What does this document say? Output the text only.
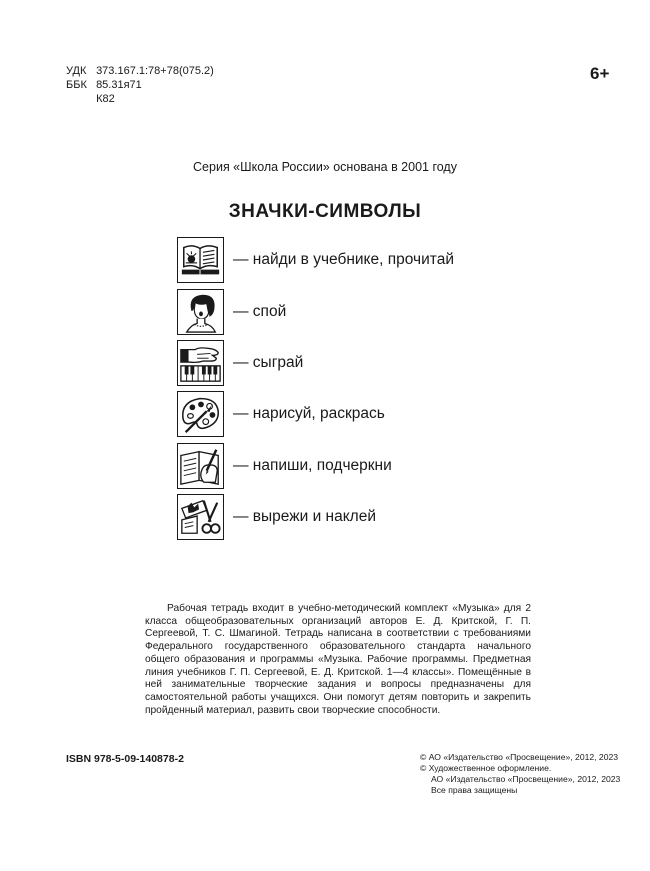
УДК 373.167.1:78+78(075.2)
ББК 85.31я71
К82
6+
Серия «Школа России» основана в 2001 году
ЗНАЧКИ-СИМВОЛЫ
— найди в учебнике, прочитай
— спой
— сыграй
— нарисуй, раскрась
— напиши, подчеркни
— вырежи и наклей
Рабочая тетрадь входит в учебно-методический комплект «Музыка» для 2 класса общеобразовательных организаций авторов Е. Д. Критской, Г. П. Сергеевой, Т. С. Шмагиной. Тетрадь написана в соответствии с требованиями Федерального государственного образовательного стандарта начального общего образования и программы «Музыка. Рабочие программы. Предметная линия учебников Г. П. Сергеевой, Е. Д. Критской. 1—4 классы». Помещённые в ней занимательные творческие задания и вопросы предназначены для самостоятельной работы учащихся. Они помогут детям повторить и закрепить пройденный материал, развить свои творческие способности.
ISBN 978-5-09-140878-2	© АО «Издательство «Просвещение», 2012, 2023
© Художественное оформление.
АО «Издательство «Просвещение», 2012, 2023
Все права защищены
